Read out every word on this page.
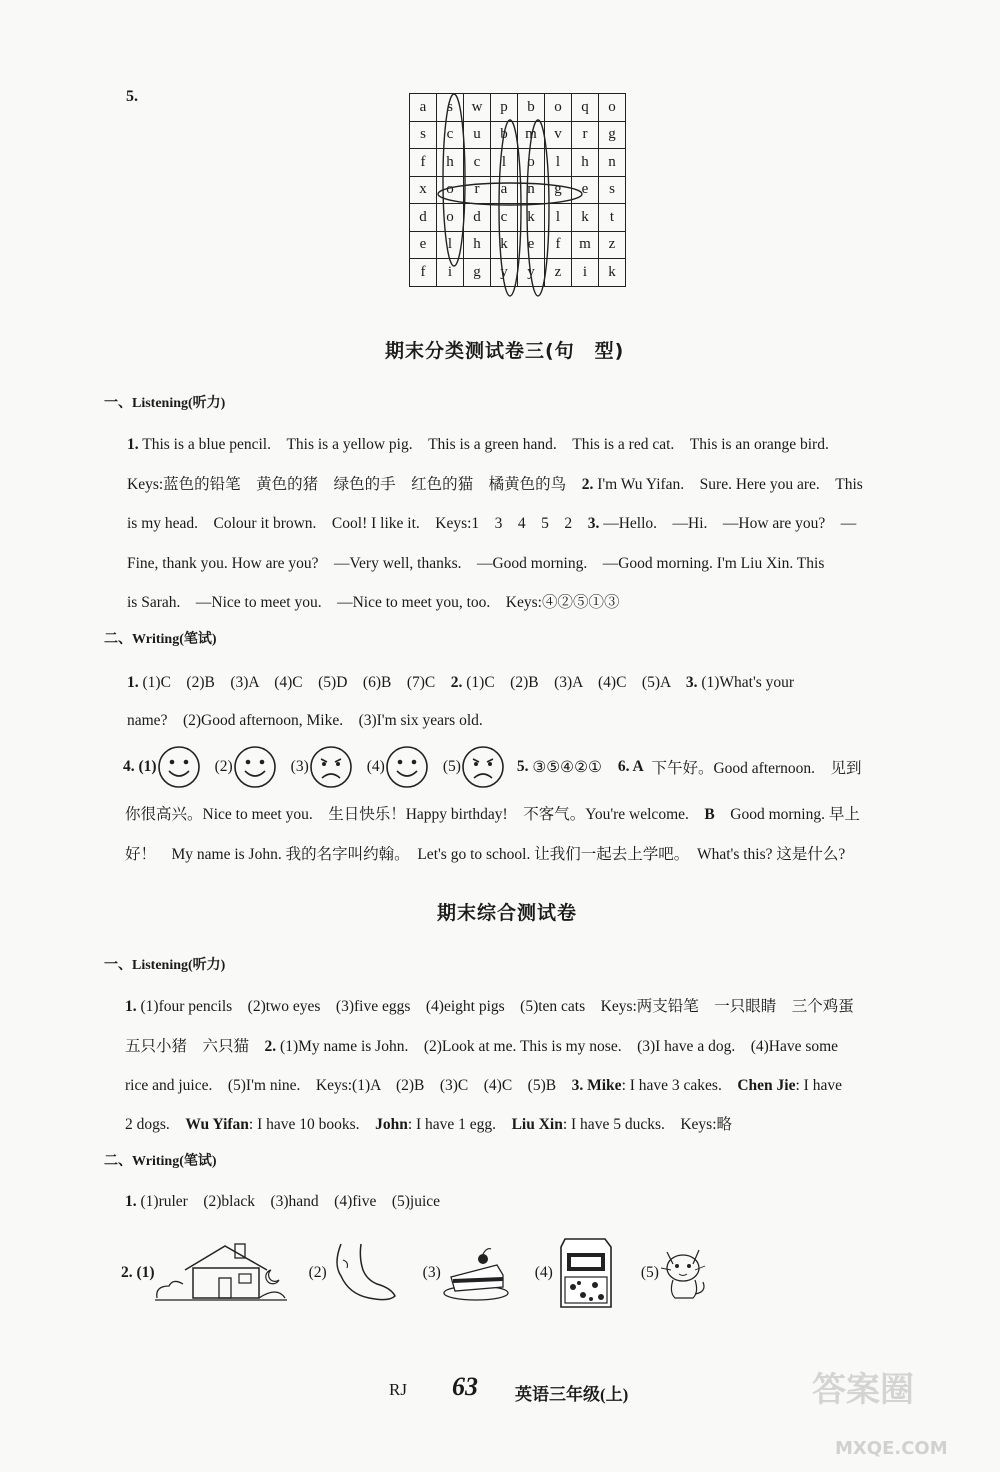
5.
a	s	w	p	b	o	q	o
s	c	u	b	m	v	r	g
f	h	c	l	o	l	h	n
x	o	r	a	n	g	e	s
d	o	d	c	k	l	k	t
e	l	h	k	e	f	m	z
f	i	g	y	y	z	i	k
期末分类测试卷三(句　型)
一、Listening(听力)
1. This is a blue pencil.　This is a yellow pig.　This is a green hand.　This is a red cat.　This is an orange bird.
Keys:蓝色的铅笔　黄色的猪　绿色的手　红色的猫　橘黄色的鸟　 2. I'm Wu Yifan.　Sure. Here you are.　This
is my head.　Colour it brown.　Cool! I like it.　Keys:1　3　4　5　2　 3. —Hello.　—Hi.　—How are you?　—
Fine, thank you. How are you?　—Very well, thanks.　—Good morning.　—Good morning. I'm Liu Xin. This
is Sarah.　—Nice to meet you.　—Nice to meet you, too.　Keys:④②⑤①③
二、Writing(笔试)
1. (1)C　(2)B　(3)A　(4)C　(5)D　(6)B　(7)C　 2. (1)C　(2)B　(3)A　(4)C　(5)A　 3. (1)What's your
name?　(2)Good afternoon, Mike.　(3)I'm six years old.
4. (1)	(2)	(3)	(4)	(5)	5.
③⑤④②① 6. A
下午好。Good afternoon.　见到
你很高兴。Nice to meet you.　生日快乐！Happy birthday!　不客气。You're welcome.　 B　 Good morning. 早上
好！　My name is John. 我的名字叫约翰。　Let's go to school. 让我们一起去上学吧。　What's this? 这是什么?
期末综合测试卷
一、Listening(听力)
1. (1)four pencils　(2)two eyes　(3)five eggs　(4)eight pigs　(5)ten cats　Keys:两支铅笔　一只眼睛　三个鸡蛋
五只小猪　六只猫　 2. (1)My name is John.　(2)Look at me. This is my nose.　(3)I have a dog.　(4)Have some
rice and juice.　(5)I'm nine.　Keys:(1)A　(2)B　(3)C　(4)C　(5)B　 3. Mike: I have 3 cakes.　 Chen Jie: I have
2 dogs.　 Wu Yifan: I have 10 books.　 John: I have 1 egg.　 Liu Xin: I have 5 ducks.　Keys:略
二、Writing(笔试)
1. (1)ruler　(2)black　(3)hand　(4)five　(5)juice
2. (1)	(2)	(3)	(4)	(5)
RJ 63 英语三年级(上)	答案圈
MXQE.COM
